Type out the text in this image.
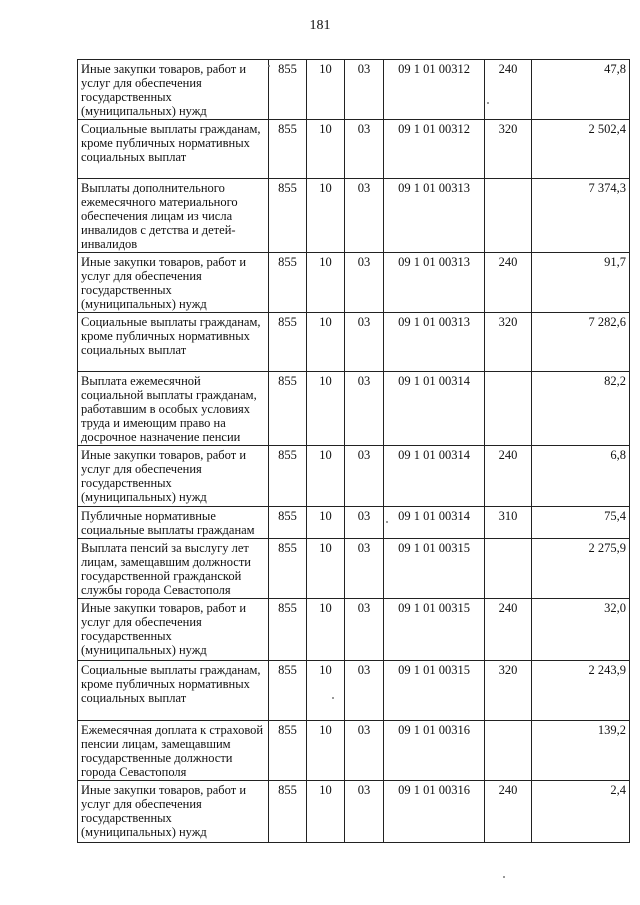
181
Иные закупки товаров, работ и услуг для обеспечения государственных (муниципальных) нужд	855	10	03	09 1 01 00312	240	47,8
Социальные выплаты гражданам, кроме публичных нормативных социальных выплат	855	10	03	09 1 01 00312	320	2 502,4
Выплаты дополнительного ежемесячного материального обеспечения лицам из числа инвалидов с детства и детей-инвалидов	855	10	03	09 1 01 00313		7 374,3
Иные закупки товаров, работ и услуг для обеспечения государственных (муниципальных) нужд	855	10	03	09 1 01 00313	240	91,7
Социальные выплаты гражданам, кроме публичных нормативных социальных выплат	855	10	03	09 1 01 00313	320	7 282,6
Выплата ежемесячной социальной выплаты гражданам, работавшим в особых условиях труда и имеющим право на досрочное назначение пенсии	855	10	03	09 1 01 00314		82,2
Иные закупки товаров, работ и услуг для обеспечения государственных (муниципальных) нужд	855	10	03	09 1 01 00314	240	6,8
Публичные нормативные социальные выплаты гражданам	855	10	03	09 1 01 00314	310	75,4
Выплата пенсий за выслугу лет лицам, замещавшим должности государственной гражданской службы города Севастополя	855	10	03	09 1 01 00315		2 275,9
Иные закупки товаров, работ и услуг для обеспечения государственных (муниципальных) нужд	855	10	03	09 1 01 00315	240	32,0
Социальные выплаты гражданам, кроме публичных нормативных социальных выплат	855	10	03	09 1 01 00315	320	2 243,9
Ежемесячная доплата к страховой пенсии лицам, замещавшим государственные должности города Севастополя	855	10	03	09 1 01 00316		139,2
Иные закупки товаров, работ и услуг для обеспечения государственных (муниципальных) нужд	855	10	03	09 1 01 00316	240	2,4
